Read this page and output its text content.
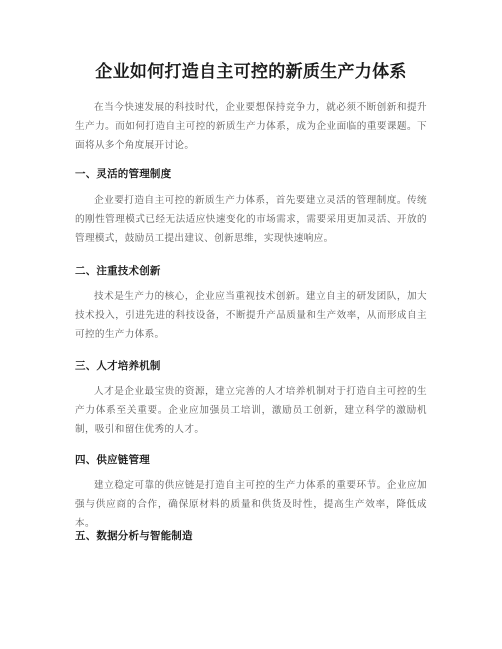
企业如何打造自主可控的新质生产力体系

在当今快速发展的科技时代，企业要想保持竞争力，就必须不断创新和提升生产力。而如何打造自主可控的新质生产力体系，成为企业面临的重要课题。下面将从多个角度展开讨论。

一、灵活的管理制度

企业要打造自主可控的新质生产力体系，首先要建立灵活的管理制度。传统的刚性管理模式已经无法适应快速变化的市场需求，需要采用更加灵活、开放的管理模式，鼓励员工提出建议、创新思维，实现快速响应。

二、注重技术创新

技术是生产力的核心，企业应当重视技术创新。建立自主的研发团队，加大技术投入，引进先进的科技设备，不断提升产品质量和生产效率，从而形成自主可控的生产力体系。

三、人才培养机制

人才是企业最宝贵的资源，建立完善的人才培养机制对于打造自主可控的生产力体系至关重要。企业应加强员工培训，激励员工创新，建立科学的激励机制，吸引和留住优秀的人才。

四、供应链管理

建立稳定可靠的供应链是打造自主可控的生产力体系的重要环节。企业应加强与供应商的合作，确保原材料的质量和供货及时性，提高生产效率，降低成本。

五、数据分析与智能制造
